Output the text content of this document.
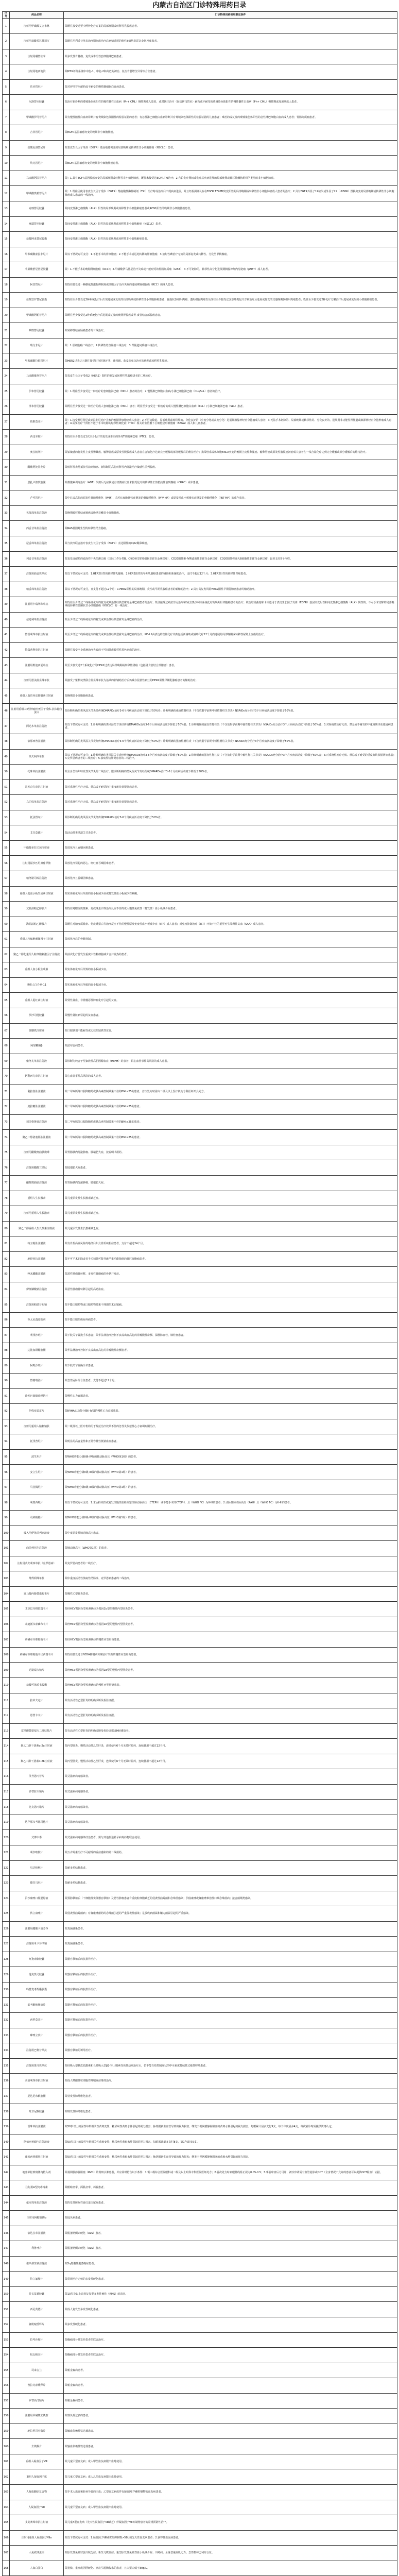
内蒙古自治区门诊特殊用药目录
序号	药品名称	门诊特殊用药使用限定条件
1	注射用甲磺酸艾立布林	限既往接受过至少两种化疗方案的局部晚期或转移性乳腺癌患者。
2	注射用盐酸苯达莫司汀	限既往用利妥昔单抗治疗期间或治疗后病情进展的惰性B细胞非霍奇金淋巴瘤患者。
3	注射用硼替佐米	限多发性骨髓瘤、复发或难治性套细胞淋巴瘤患者。
4	注射用地西他滨	限IPSS评分系统中中危-1、中危-2和高危的初治、复治骨髓增生异常综合征患者。
5	达沙替尼片	限对伊马替尼耐药或不耐受的慢性髓细胞白血病患者。
6	尼洛替尼胶囊	限治疗新诊断的费城染色体阳性的慢性髓性白血病（Ph+ CML）慢性期成人患者，或对既往治疗（包括伊马替尼）耐药或不耐受的费城染色体阳性的慢性髓性白血病（Ph+ CML）慢性期或加速期成人患者。
7	甲磺酸伊马替尼片	限有慢性髓性白血病诊断并有费城染色体阳性的检验证据的患者；有急性淋巴细胞白血病诊断并有费城染色体阳性的检验证据的儿童患者；难治的或复发的费城染色体阳性的急性淋巴细胞白血病成人患者；胃肠间质瘤患者。
8	吉非替尼片	限EGFR基因敏感突变的晚期非小细胞肺癌。
9	盐酸厄洛替尼片	限表皮生长因子受体（EGFR）基因敏感突变的局部晚期或转移性非小细胞肺癌（NSCLC）患者。
10	埃克替尼片	限EGFR基因敏感突变的晚期非小细胞肺癌患者。
11	马来酸阿法替尼片	限：1.具有EGFR基因敏感突变的局部晚期或转移性非小细胞肺癌，既往未接受过EGFR-TKI治疗；2.含铂化疗期间或化疗后疾病进展的局部晚期或转移性鳞状组织学类型的非小细胞肺癌。
12	甲磺酸奥希替尼片	限：1.既往因使用表皮生长因子受体（EGFR）酪氨酸激酶抑制剂（TKI）治疗时或治疗后出现疾病进展，并且经检测确认存在EGFR T790M突变阳性的局部晚期或转移性非小细胞肺癌成人患者的治疗；2.具有EGFR外显子19缺失或外显子21（L858R）置换突变的局部晚期或转移性非小细胞肺癌成人患者的一线治疗。
13	克唑替尼胶囊	限间变性淋巴瘤激酶（ALK）阳性的局部晚期或转移性非小细胞肺癌患者或ROS1阳性的晚期非小细胞肺癌患者。
14	塞瑞替尼胶囊	限间变性淋巴瘤激酶（ALK）阳性的局部晚期或转移性非小细胞肺癌（NSCLC）患者。
15	盐酸阿来替尼胶囊	限间变性淋巴瘤激酶（ALK）阳性的局部晚期或转移性非小细胞肺癌患者。
16	甲苯磺酸索拉非尼片	限以下情况方可支付：1.不能手术的肾细胞癌；2.不能手术或远处转移的肝细胞癌；3.放射性碘治疗无效的局部复发或转移性、分化型甲状腺癌。
17	苹果酸舒尼替尼胶囊	限：1.不能手术的晚期肾细胞癌（RCC）；2.甲磺酸伊马替尼治疗失败或不能耐受的胃肠间质瘤（GIST）；3.不可切除的，转移性高分化进展期胰腺神经内分泌瘤（pNET）成人患者。
18	阿昔替尼片	限既往接受过一种酪氨酸激酶抑制剂或细胞因子治疗失败的进展期肾细胞癌（RCC）的成人患者。
19	盐酸安罗替尼胶囊	限既往至少接受过2种系统化疗后出现进展或复发的局部晚期或转移性非小细胞肺癌患者；腺泡状软组织肉瘤、透明细胞肉瘤以及既往至少接受过含蒽环类化疗方案治疗后进展或复发的其他晚期软组织肉瘤患者；既往至少接受过2种化疗方案治疗后进展或复发的小细胞肺癌患者。
20	甲磺酸阿帕替尼片	限既往至少接受过2种系统化疗后进展或复发的晚期胃腺癌或胃-食管结合部腺癌患者。
21	呋喹替尼胶囊	限转移性结直肠癌患者的三线治疗。
22	瑞戈非尼片	限：1.肝细胞癌二线治疗；2.转移性结直肠癌三线治疗；3.胃肠道间质瘤三线治疗。
23	甲苯磺酸拉帕替尼片	限HER2过表达且既往接受过包括蒽环类、紫杉醇、曲妥珠单抗治疗的晚期或转移性乳腺癌。
24	马来酸吡咯替尼片	限表皮生长因子受体2（HER2）阳性的复发或转移性乳腺癌患者的二线治疗。
25	伊布替尼胶囊	限：1.既往至少接受过一种治疗的套细胞淋巴瘤（MCL）患者的治疗；2.慢性淋巴细胞白血病/小淋巴细胞淋巴瘤（CLL/SLL）患者的治疗。
26	泽布替尼胶囊	限既往至少接受过一种治疗的成人套细胞淋巴瘤（MCL）患者；既往至少接受过一种治疗的成人慢性淋巴细胞白血病（CLL）/小淋巴细胞淋巴瘤（SLL）患者。
27	依维莫司片	限：1.接受舒尼替尼或索拉非尼治疗失败的晚期肾细胞癌成人患者；2.不可切除的、局部晚期或转移性的、分化良好的（中度分化或高度分化）进展期胰腺神经内分泌瘤成人患者；3.无法手术切除的、局部晚期或转移性的、分化良好的、进展期非功能性胃肠道或肺源神经内分泌肿瘤成人患者；4.需要治疗干预但不适于手术切除的结节性硬化症（TSC）相关的室管膜下巨细胞星形细胞瘤（SEGA）成人和儿童患者。
28	西达本胺片	限既往至少接受过1次全身化疗的复发或难治的外周T细胞淋巴瘤（PTCL）患者。
29	奥拉帕利片	限铂敏感的复发性上皮性卵巢癌、输卵管癌或原发性腹膜癌成人患者在含铂化疗达到完全缓解或部分缓解后的维持治疗；携带胚系或体细胞BRCA突变的晚期上皮性卵巢癌、输卵管癌或原发性腹膜癌初治成人患者在一线含铂化疗达到完全缓解或部分缓解后的维持治疗。
30	醋酸阿比特龙片	限转移性去势抵抗性前列腺癌、新诊断的高危转移性内分泌治疗敏感性前列腺癌。
31	恩扎卢胺软胶囊	限雄激素剥夺治疗（ADT）失败后无症状或有轻微症状且未接受化疗的转移性去势抵抗性前列腺癌（CRPC）成年患者。
32	芦可替尼片	限中危或高危的原发性骨髓纤维化（PMF）、真性红细胞增多症继发的骨髓纤维化（PPV-MF）或原发性血小板增多症继发的骨髓纤维化（PET-MF）的成年患者。
33	贝伐珠单抗注射液	限晚期转移性结直肠癌或晚期非鳞非小细胞肺癌。
34	西妥昔单抗注射液	限RAS基因野生型的转移性结直肠癌。
35	尼妥珠单抗注射液	限与放疗联合治疗表皮生长因子受体（EGFR）表达阳性的III/IV期鼻咽癌。
36	利妥昔单抗注射液	限复发或耐药的滤泡性中央型淋巴瘤（国际工作分类B、C和D亚型的B细胞非霍奇金淋巴瘤），CD20阳性III-IV期滤泡性非霍奇金淋巴瘤，CD20阳性弥漫大B细胞性非霍奇金淋巴瘤；最多支付8个疗程。
37	注射用曲妥珠单抗	限以下情况方可支付：1.HER2阳性的转移性乳腺癌；2.HER2阳性的早期乳腺癌患者的辅助和新辅助治疗，支付不超过12个月；3.HER2阳性的转移性胃癌患者。
38	帕妥珠单抗注射液	限以下情况方可支付，且支付不超过12个月：1.HER2阳性的局部晚期、炎性或早期乳腺癌患者的新辅助治疗；2.具有高复发风险HER2阳性早期乳腺癌患者的辅助治疗。
39	注射用卡瑞利珠单抗	限既往至少经过二线系统化疗的复发或难治性经典型霍奇金淋巴瘤患者的治疗；既往接受过索拉非尼治疗和/或含奥沙利铂系统化疗的晚期肝细胞癌患者的治疗；联合培美曲塞和卡铂适用于表皮生长因子受体（EGFR）基因突变阴性和间变性淋巴瘤激酶（ALK）阴性的、不可手术切除的局部晚期或转移性非鳞状非小细胞肺癌（NSCLC）的一线治疗。
40	信迪利单抗注射液	限至少经过二线系统化疗的复发或难治性经典型霍奇金淋巴瘤的治疗。
41	替雷利珠单抗注射液	限至少经过二线系统化疗的复发或难治性经典型霍奇金淋巴瘤的治疗；PD-L1高表达的含铂化疗失败包括新辅助或辅助化疗12个月内进展的局部晚期或转移性尿路上皮癌的治疗。
42	特瑞普利单抗注射液	限既往接受全身系统治疗失败的不可切除或转移性黑色素瘤的治疗。
43	注射用维迪西妥单抗	限至少接受过2个系统化疗的HER2过表达局部晚期或转移性胃癌（包括胃食管结合部腺癌）患者。
44	注射用恩美曲妥珠单抗	限接受了紫杉烷类联合曲妥珠单抗为基础的新辅助治疗后仍残存侵袭性病灶的HER2阳性早期乳腺癌患者的辅助治疗。
45	重组人血管内皮抑制素注射液	限晚期非小细胞肺癌患者。
46	注射用重组人Ⅱ型肿瘤坏死因子受体-抗体融合蛋白	限诊断明确的类风湿关节炎经传统DMARDs治疗3-6个月疾病活动度下降低于50%者；诊断明确的强直性脊柱炎（不含放射学前期中轴性脊柱关节炎）NSAIDs充分治疗3个月疾病活动度下降低于50%者。
47	阿达木单抗注射液	限以下情况方可支付：1.诊断明确的类风湿关节炎经传统DMARDs治疗3-6个月疾病活动度下降低于50%者；2.诊断明确的强直性脊柱炎（不含放射学前期中轴性脊柱关节炎）NSAIDs充分治疗3个月疾病活动度下降低于50%者；3.对系统性治疗无效、禁忌或不耐受的中重度斑块状银屑病患者。
48	依那西普注射液	限诊断明确的类风湿关节炎经传统DMARDs治疗3-6个月疾病活动度下降低于50%者；诊断明确的强直性脊柱炎（不含放射学前期中轴性脊柱关节炎）NSAIDs充分治疗3个月疾病活动度下降低于50%者。
49	英夫利西单抗	限以下情况方可支付：1.诊断明确的类风湿关节炎经传统DMARDs治疗3-6个月疾病活动度下降低于50%者；2.诊断明确的强直性脊柱炎（不含放射学前期中轴性脊柱关节炎）NSAIDs充分治疗3个月疾病活动度下降低于50%者；3.对系统性治疗无效、禁忌或不耐受的重度斑块状银屑病患者；4.克罗恩病患者的二线治疗；5.溃疡性结肠炎患者的二线治疗。
50	托珠单抗注射液	限全身型幼年特发性关节炎的二线治疗；限诊断明确的类风湿关节炎经传统DMARDs治疗3-6个月疾病活动度下降低于50%者。
51	司库奇尤单抗注射液	限对系统性治疗无效、禁忌或不耐受的中重度斑块状银屑病患者。
52	乌司奴单抗注射液	限对系统性治疗无效、禁忌或不耐受的中重度斑块状银屑病患者。
53	托法替布片	限诊断明确的类风湿关节炎经传统DMARDs治疗3-6个月疾病活动度下降低于50%者。
54	艾拉莫德片	限活动性类风湿关节炎患者。
55	甲磺酸多拉司琼注射液	限放化疗且吞咽困难患者。
56	注射用福沙匹坦双葡甲胺	限放化疗引起的恶心、呕吐且吞咽困难患者。
57	帕洛诺司琼注射液	限放化疗且吞咽困难患者。
58	重组人促血小板生成素注射液	限实体瘤化疗后所致的血小板减少症或特发性血小板减少性紫癜。
59	艾曲泊帕乙醇胺片	限既往对糖皮质激素、免疫球蛋白等治疗反应不佳的成人慢性免疫性（特发性）血小板减少症患者。
60	海曲泊帕乙醇胺片	限既往对糖皮质激素、免疫球蛋白等治疗反应不佳的慢性原发免疫性血小板减少症（ITP）成人患者；对免疫抑制治疗（IST）疗效不佳的重型再生障碍性贫血（SAA）成人患者。
61	重组人粒细胞刺激因子注射液	限放化疗后的骨髓抑制。
62	聚乙二醇化重组人粒细胞刺激因子注射液	限前次化疗曾发生重度中性粒细胞减少合并发热的患者。
63	重组人血小板生成素	限实体瘤化疗后所致的血小板减少症。
64	重组人白介素-11	限实体瘤化疗后所致的血小板减少症。
65	重组人促红素注射液	限肾性贫血、非骨髓恶性肿瘤化疗引起的贫血。
66	罗沙司他胶囊	限慢性肾脏病引起的贫血患者。
67	蔗糖铁注射液	限口服铁剂不能耐受或无效的缺铁性贫血。
68	阿加糖酶β	限法布雷病患者。
69	依洛尤单抗注射液	限诊断为纯合子型家族性高胆固醇血症（HoFH）的患者；限心血管事件高风险的成人患者。
70	阿利西尤单抗注射液	限心血管事件高风险的成人患者。
71	利拉鲁肽注射液	限二甲双胍等口服降糖药或胰岛素控制效果不佳的BMI≥25的患者，首次处方时需由二级及以上医疗机构专科医师开具处方。
72	度拉糖肽注射液	限二甲双胍等口服降糖药或胰岛素控制效果不佳的BMI≥25的患者。
73	司美格鲁肽注射液	限二甲双胍等口服降糖药或胰岛素控制效果不佳的BMI≥25的患者。
74	聚乙二醇洛塞那肽注射液	限二甲双胍等口服降糖药或胰岛素控制效果不佳的BMI≥25的患者。
75	注射用醋酸奥曲肽微球	限胃肠胰内分泌肿瘤、肢端肥大症，按说明书用药。
76	注射用醋酸兰瑞肽	限肢端肥大症患者。
77	醋酸奥曲肽注射液	限胃肠胰内分泌肿瘤、肢端肥大症。
78	重组人生长激素	限儿童原发性生长激素缺乏症。
79	注射用重组人生长激素	限儿童原发性生长激素缺乏症。
80	聚乙二醇重组人生长激素注射液	限儿童原发性生长激素缺乏症。
81	特立帕肽注射液	限有骨折高发风险的绝经后妇女骨质疏松症患者，支付不超过24个月。
82	地舒单抗注射液	限不可手术切除或者手术切除可能导致严重功能障碍的骨巨细胞瘤患者。
83	唑来膦酸注射液	限恶性肿瘤骨转移、多发性骨髓瘤的骨骼并发症。
84	伊班膦酸钠注射液	限恶性肿瘤骨转移引起的高钙血症。
85	注射用帕瑞昔布钠	限不能口服药物或口服药物效果不理想的术后镇痛。
86	芬太尼透皮贴剂	限不能口服的癌症疼痛患者。
87	利伐沙班片	限下肢关节置换手术患者；限华法林治疗控制不良或出血高危的非瓣膜性房颤、深静脉血栓、肺栓塞患者。
88	达比加群酯胶囊	限华法林治疗控制不良或出血高危的非瓣膜性房颤患者。
89	阿哌沙班片	限下肢关节置换手术患者。
90	替格瑞洛片	限急性冠脉综合征患者，支付不超过12个月。
91	沙库巴曲缬沙坦钠片	限慢性心力衰竭患者。
92	伊伐布雷定片	限NYHA心功能分级II-IV级的慢性心力衰竭患者。
93	注射用重组人脑利钠肽	限二级及以上医疗机构用于规范治疗效果不佳的急性失代偿性心力衰竭短期治疗。
94	托伐普坦片	限明显的高容量性和正常容量性低钠血症患者。
95	波生坦片	限WHO功能分级II级-IV级的肺动脉高压（WHO第1组）的患者。
96	安立生坦片	限WHO功能分级II级-III级的肺动脉高压（WHO第1组）的患者。
97	马昔腾坦片	限WHO功能分级II级-III级的肺动脉高压（WHO第1组）的患者。
98	利奥西呱片	限以下情况方可支付：1.术后持续性或复发性慢性血栓栓塞性肺动脉高压（CTEPH）或不能手术的CTEPH，且（WHO FC）为II-III的患者；2.动脉性肺动脉高压（PAH）且（WHO FC）为II-III的患者。
99	司来帕格片	限WHO功能分级II级-III级的肺动脉高压（WHO第1组）的患者。
100	吸入用伊洛前列素溶液	限中度原发性肺动脉高压患者。
101	曲前列尼尔注射液	限肺动脉高压（WHO第1组）的患者。
102	注射用英夫利西单抗（克罗恩病）	限克罗恩病患者的二线治疗。
103	维得利珠单抗	限中重度活动性溃疡性结肠炎、克罗恩病患者的二线治疗。
104	富马酸丙酚替诺福韦片	限慢性乙型肝炎患者。
105	艾尔巴韦格拉瑞韦片	限经HCV基因分型检测确诊为基因1b型的慢性丙型肝炎患者。
106	来迪派韦索磷布韦片	限经HCV基因分型检测确诊为基因1b型的慢性丙型肝炎患者。
107	索磷布韦维帕他韦片	限经HCV基因分型检测确诊的慢性丙型肝炎患者。
108	索磷布韦维帕他韦伏西瑞韦片	限既往接受过含NS5A抑制剂方案治疗失败的慢性丙型肝炎患者。
109	达诺瑞韦钠片	限经HCV基因分型检测确诊为基因1b型的慢性丙型肝炎患者。
110	盐酸可洛派韦胶囊	限经HCV基因分型检测确诊的慢性丙型肝炎患者。
111	拉米夫定片	限有活动性乙型肝炎的明确诊断及检验证据。
112	恩替卡韦片	限有活动性乙型肝炎的明确诊断及检验证据。
113	富马酸替诺福韦二吡呋酯片	限有活动性乙型肝炎的明确诊断及检验证据或HIV感染者。
114	聚乙二醇干扰素α-2a注射液	限丙型肝炎、慢性活动性乙型肝炎，连续使用6个月无效时停药，连续使用不超过12个月。
115	聚乙二醇干扰素α-2b注射液	限丙型肝炎、慢性活动性乙型肝炎，连续使用6个月无效时停药，连续使用不超过12个月。
116	艾考恩丙替片	限艾滋病病毒感染者。
117	多替拉韦钠片	限艾滋病病毒感染者。
118	比克恩丙诺片	限艾滋病病毒感染者。
119	达芦那韦考比司他片	限艾滋病病毒感染者。
120	艾博韦泰	限艾滋病病毒感染经治患者，需与其他抗逆转录病毒药物联合使用。
121	利奈唑胺片	限万古霉素治疗不可耐受的重症感染的第二线用药。
122	贝达喹啉片	限耐多药结核患者。
123	德拉马尼片	限耐多药结核患者。
124	泊沙康唑口服混悬液	限预防移植后（干细胞及实体器官移植）及恶性肿瘤患者有重度粒细胞缺乏的侵袭性曲霉菌和念珠菌感染；伊曲康唑或氟康唑难治性口咽念珠菌病；接合菌纲类感染。
125	伏立康唑片	限侵袭性曲霉菌病；对氟康唑耐药的念珠菌引起的严重侵袭性感染；足放线病菌属和镰刀菌属引起的严重感染。
126	注射用醋酸卡泊芬净	限真菌感染患者。
127	注射用米卡芬净钠	限真菌感染患者。
128	环孢素软胶囊	限器官移植后的抗排异治疗。
129	他克莫司胶囊	限器官移植后的抗排异治疗。
130	吗替麦考酚酯胶囊	限器官移植后的抗排异治疗。
131	麦考酚钠肠溶片	限器官移植后的抗排异治疗。
132	西罗莫司片	限器官移植后的抗排异治疗。
133	咪唑立宾片	限器官移植后的抗排异治疗。
134	注射用巴利昔单抗	限器官移植的诱导治疗。
135	注射用奥马珠单抗	限经吸入型糖皮质激素和长效吸入型β2-肾上腺素受体激动剂治疗后，仍不能有效控制症状的中至重度持续性过敏性哮喘患者。
136	美泊利珠单抗注射液	限成人嗜酸性粒细胞性哮喘重症维持治疗。
137	尼达尼布软胶囊	限特发性肺纤维化患者。
138	吡非尼酮胶囊	限特发性肺纤维化患者。
139	雷珠单抗注射液	限50岁以上的湿性年龄相关性黄斑变性；糖尿病性黄斑水肿引起的视力损害；脉络膜新生血管导致的视力损害；继发于视网膜静脉阻塞的黄斑水肿引起的视力损害。每眼累计最多支付9支，每个年度最多4支，每次就诊时需提供资格认定。
140	阿柏西普眼内注射溶液	限50岁以上的湿性年龄相关性黄斑变性；糖尿病性黄斑水肿引起的视力损害。每眼累计最多支付8支，第1年最多5支。
141	康柏西普眼用注射液	限50岁以上的湿性年龄相关性黄斑变性；糖尿病性黄斑水肿引起的视力损害；脉络膜新生血管导致的视力损害；继发于视网膜静脉阻塞的黄斑水肿引起的视力损害。
142	地塞米松玻璃体内植入剂	限视网膜静脉阻塞（RVO）的黄斑水肿患者，并应同时符合以下条件：1.需三级综合医院眼科或二级及以上眼科专科医院医师处方；2.首次处方时病眼基线矫正视力0.05-0.5；3.事前审查后方可用，初次申请需有血管造影或OCT（全身情况不允许的患者可以提供OCT检查）证据。
143	注射用A型肉毒毒素	限眼睑痉挛、面肌痉挛、斜视患者。
144	依库珠单抗注射液	限阵发性睡眠性血红蛋白尿症患者。
145	注射用阿糖苷酶α	限庞贝病患者。
146	依达拉奉注射液	限肌萎缩侧索硬化（ALS）患者。
147	利鲁唑片	限肌萎缩侧索硬化（ALS）患者。
148	诺西那生钠注射液	限5q脊髓性肌萎缩症患者。
149	特立氟胺片	限常规治疗无效的多发性硬化患者。
150	芬戈莫德胶囊	限10岁及以上患者复发型多发性硬化（RMS）的患者。
151	西尼莫德片	限成人复发型多发性硬化患者。
152	氨吡啶缓释片	限多发性硬化患者。
153	拉考沙胺片	限癫痫部分性发作患者的联合治疗。
154	吡仑帕奈片	限癫痫部分性发作患者的联合治疗。
155	司来吉兰	限帕金森病患者。
156	普拉克索缓释片	限帕金森病患者。
157	罗替高汀贴片	限帕金森病患者。
158	注射用甲磺酸去铁胺	限铁负荷过多的患者。
159	地拉罗司分散片	限输血依赖性铁过载患者。
160	去铁酮片	限输血依赖性铁过载患者。
161	重组人凝血因子Ⅷ	限儿童甲型血友病；成人甲型血友病限出血时使用。
162	重组人凝血因子Ⅸ	限儿童乙型血友病；成人乙型血友病限出血时使用。
163	人凝血酶原复合物	限手术大出血和肝病导致的出血；乙型血友病或伴有凝血因子Ⅷ抑制物的血友病患者。
164	人凝血因子Ⅷ	限儿童甲型血友病；成人甲型血友病限出血时使用。
165	艾美赛珠单抗注射液	限儿童A型血友病（先天性凝血因子Ⅷ缺乏）伴凝血因子Ⅷ抑制物患者的常规预防性治疗。
166	注射用重组人凝血因子Ⅶa	限以下情况方可支付：1.凝血因子Ⅷ或Ⅸ的抑制物>5BU的先天性血友病患者；2.获得性血友病患者。
167	人免疫球蛋白	限原发性免疫球蛋白缺乏症；新生儿败血症；重型原发性免疫性血小板减少症；川崎病；全身型重症肌无力；急性格林巴利综合征。
168	人血白蛋白	限抢救、重症或因肝硬化、癌症引起胸腹水的患者，且白蛋白低于30g/L。
